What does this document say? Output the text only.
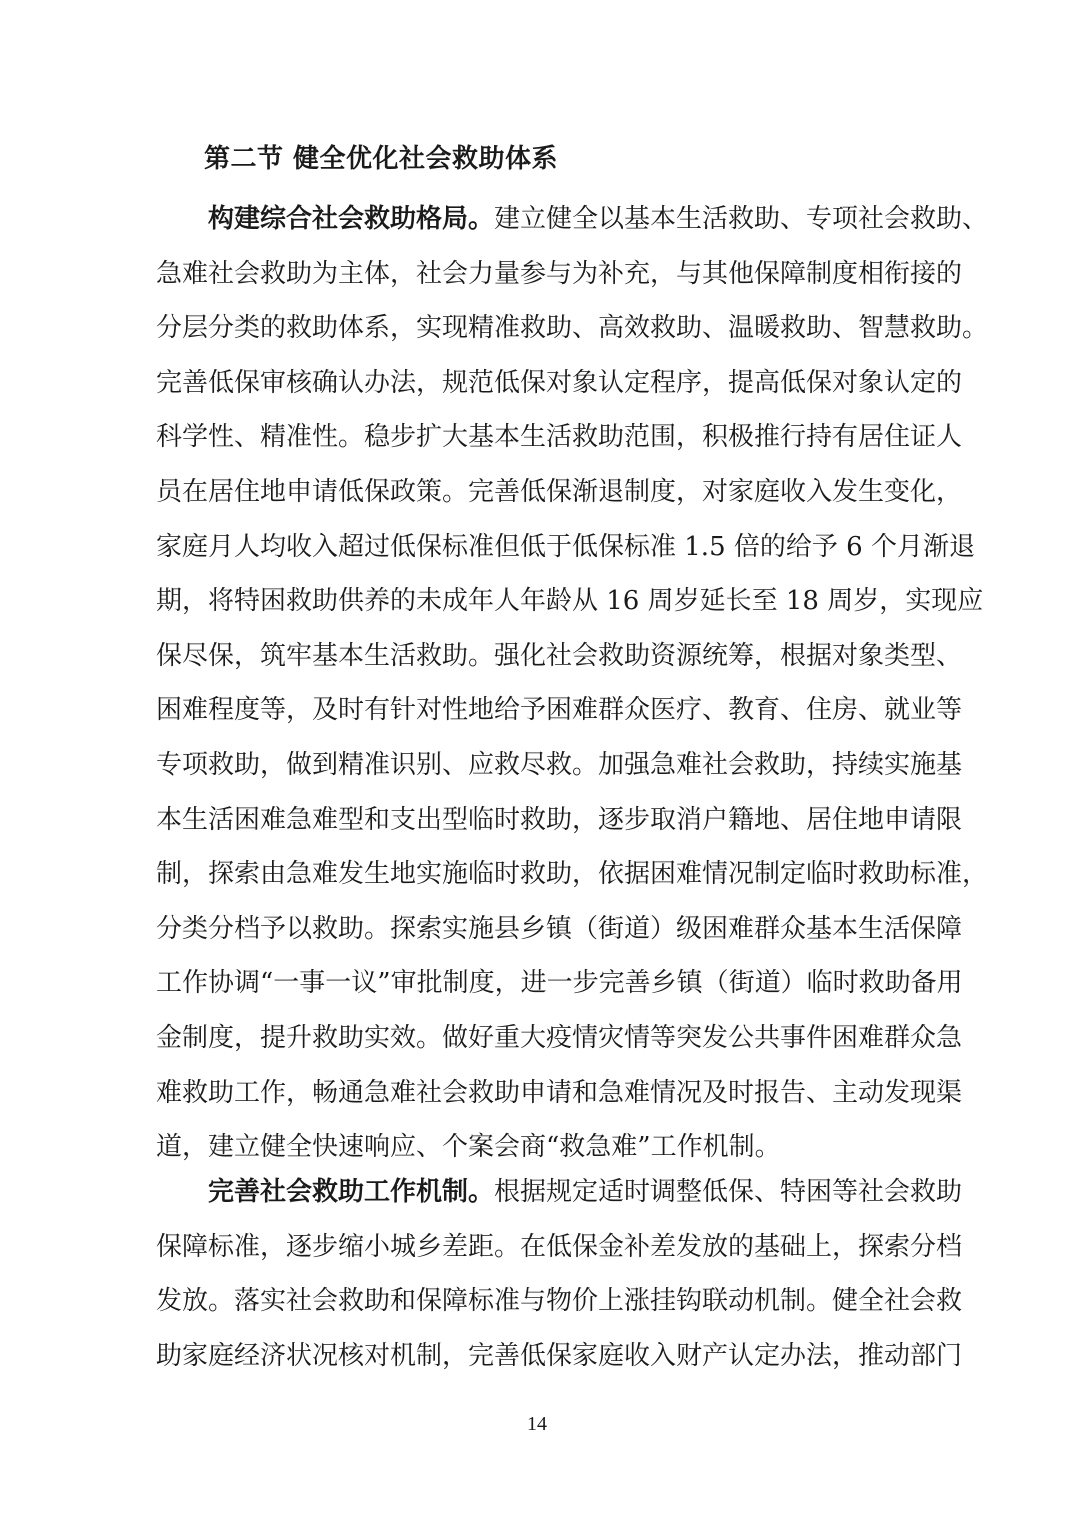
第二节 健全优化社会救助体系
构建综合社会救助格局。建立健全以基本生活救助、专项社会救助、
急难社会救助为主体，社会力量参与为补充，与其他保障制度相衔接的
分层分类的救助体系，实现精准救助、高效救助、温暖救助、智慧救助。
完善低保审核确认办法，规范低保对象认定程序，提高低保对象认定的
科学性、精准性。稳步扩大基本生活救助范围，积极推行持有居住证人
员在居住地申请低保政策。完善低保渐退制度，对家庭收入发生变化，
家庭月人均收入超过低保标准但低于低保标准 1.5 倍的给予 6 个月渐退
期，将特困救助供养的未成年人年龄从 16 周岁延长至 18 周岁，实现应
保尽保，筑牢基本生活救助。强化社会救助资源统筹，根据对象类型、
困难程度等，及时有针对性地给予困难群众医疗、教育、住房、就业等
专项救助，做到精准识别、应救尽救。加强急难社会救助，持续实施基
本生活困难急难型和支出型临时救助，逐步取消户籍地、居住地申请限
制，探索由急难发生地实施临时救助，依据困难情况制定临时救助标准，
分类分档予以救助。探索实施县乡镇（街道）级困难群众基本生活保障
工作协调“一事一议”审批制度，进一步完善乡镇（街道）临时救助备用
金制度，提升救助实效。做好重大疫情灾情等突发公共事件困难群众急
难救助工作，畅通急难社会救助申请和急难情况及时报告、主动发现渠
道，建立健全快速响应、个案会商“救急难”工作机制。
完善社会救助工作机制。根据规定适时调整低保、特困等社会救助
保障标准，逐步缩小城乡差距。在低保金补差发放的基础上，探索分档
发放。落实社会救助和保障标准与物价上涨挂钩联动机制。健全社会救
助家庭经济状况核对机制，完善低保家庭收入财产认定办法，推动部门
14
